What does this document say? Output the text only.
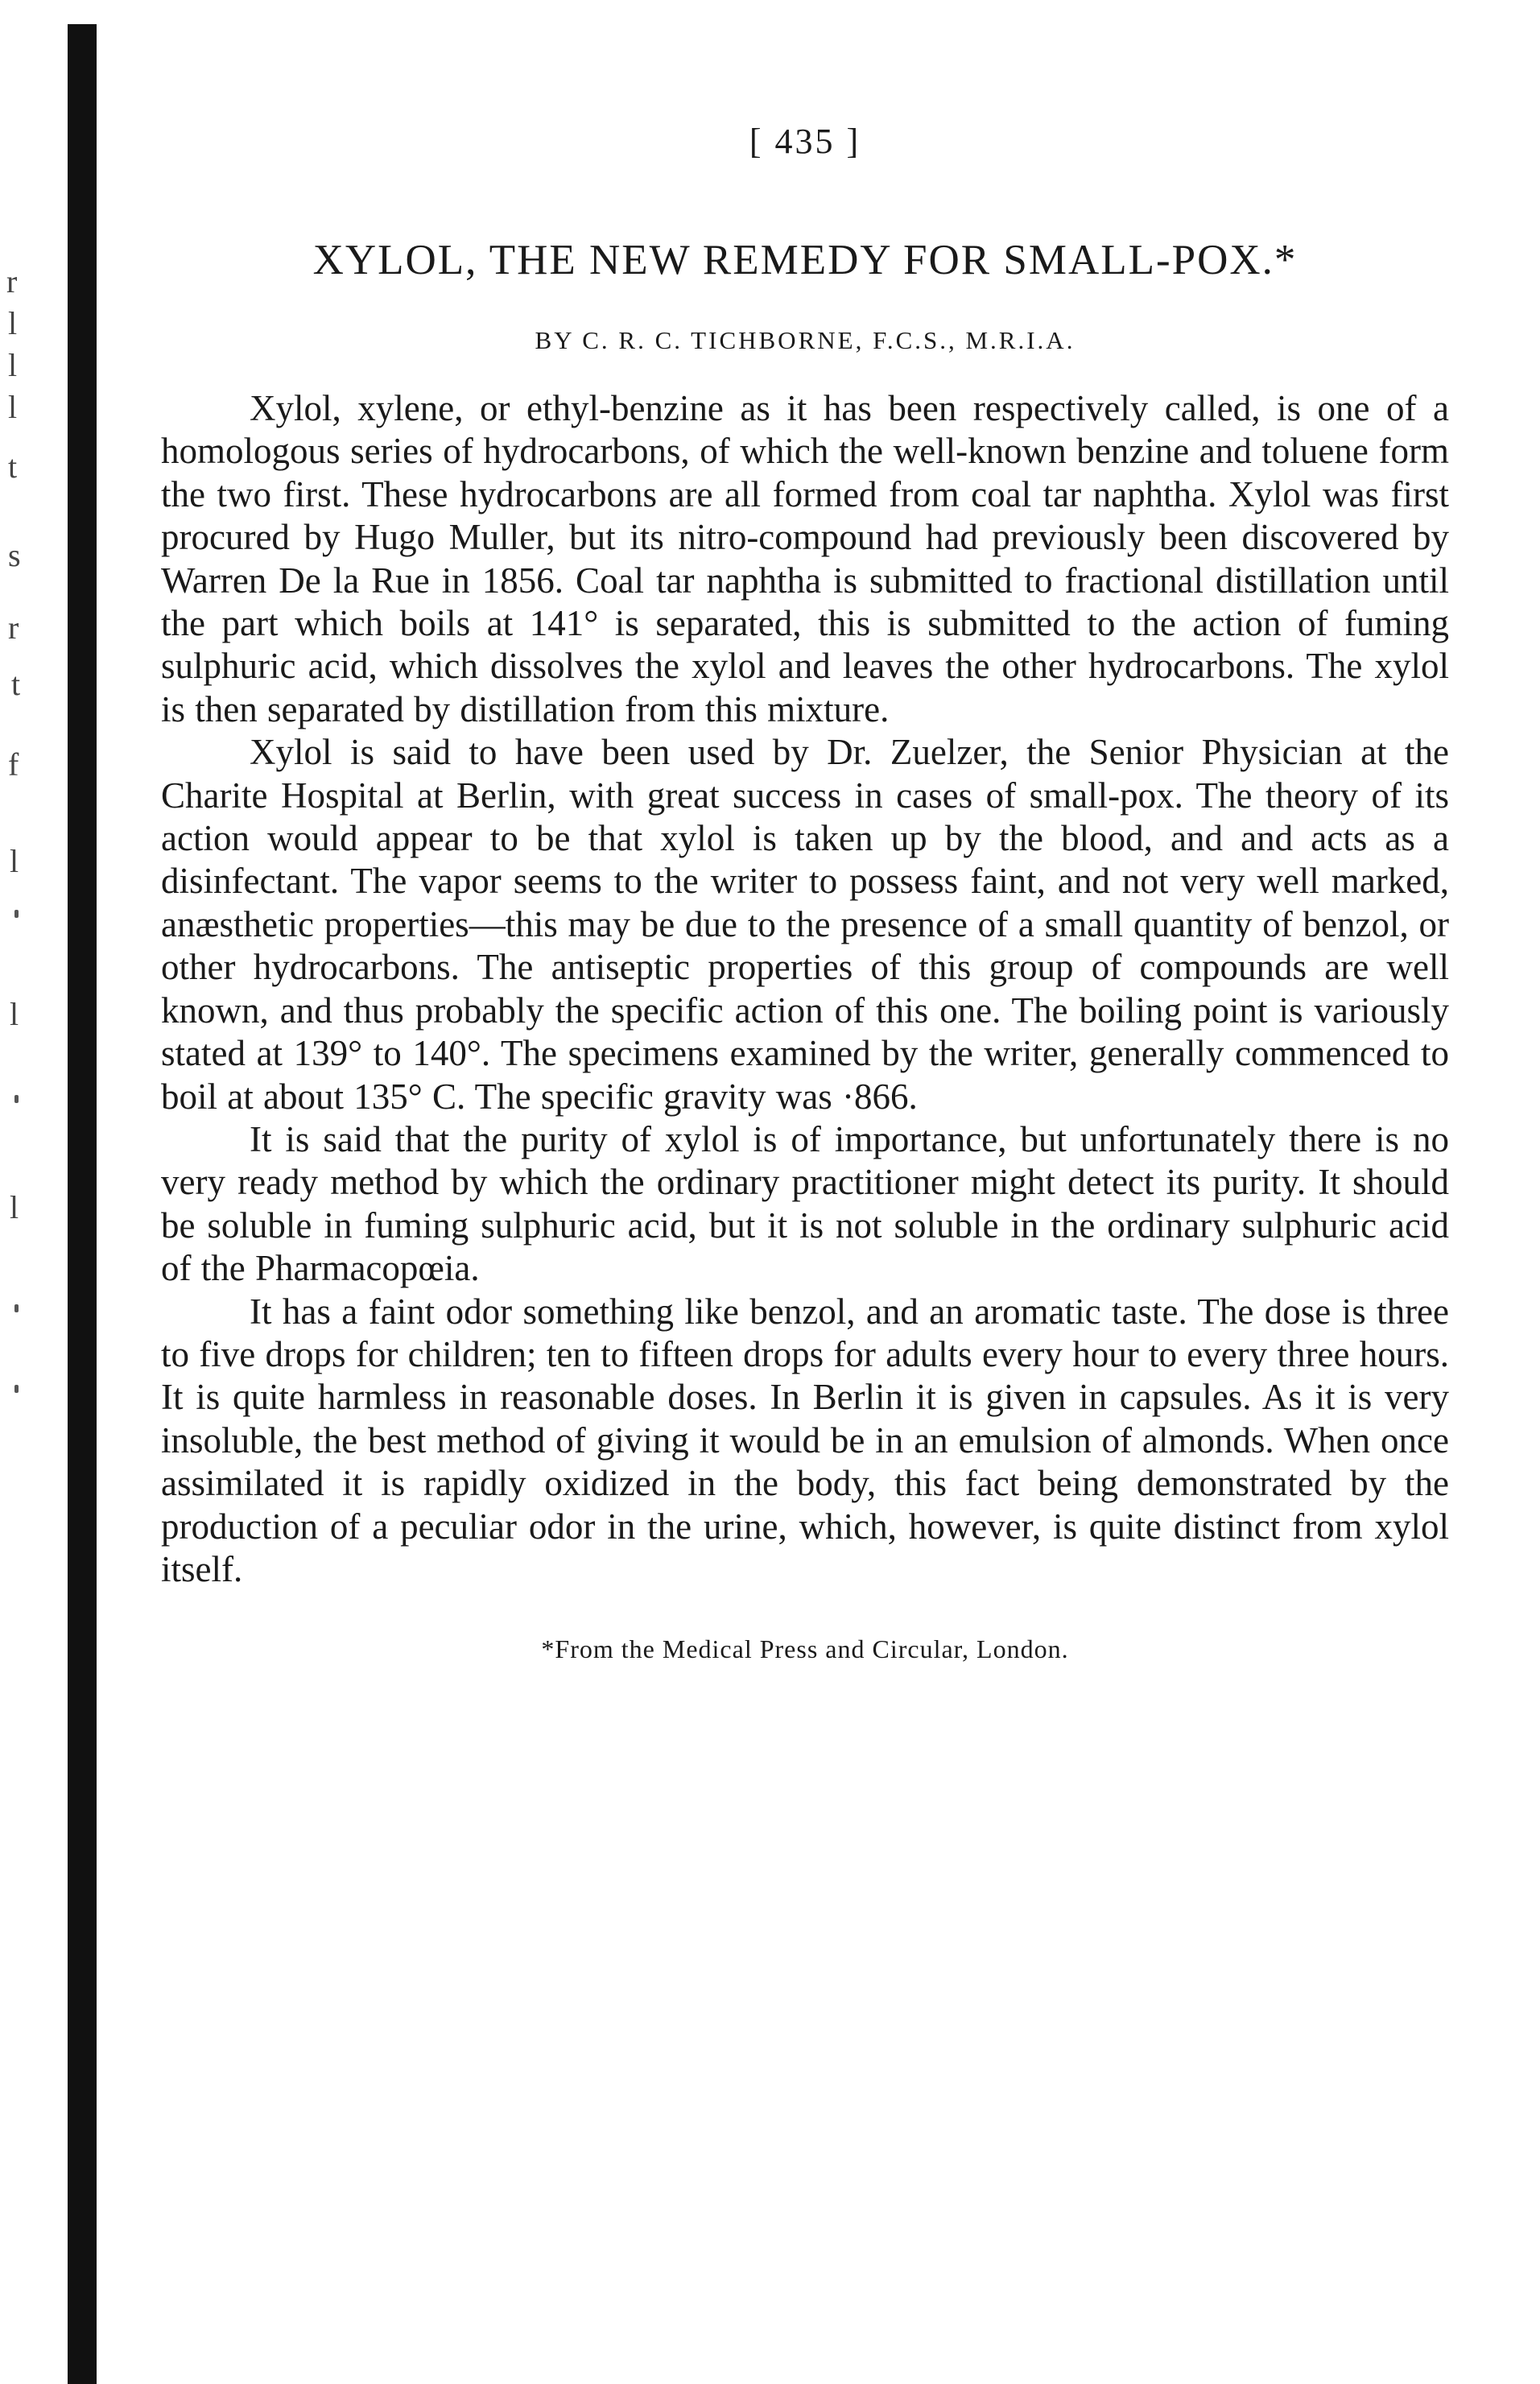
r
l
l
l
t
s
r
t
f
l
l
l
[ 435 ]
XYLOL, THE NEW REMEDY FOR SMALL-POX.*
BY C. R. C. TICHBORNE, F.C.S., M.R.I.A.

Xylol, xylene, or ethyl-benzine as it has been respectively called, is one of a homologous series of hydrocarbons, of which the well-known benzine and toluene form the two first. These hydrocarbons are all formed from coal tar naphtha. Xylol was first procured by Hugo Muller, but its nitro-compound had previously been discovered by Warren De la Rue in 1856. Coal tar naphtha is submitted to fractional distillation until the part which boils at 141° is separated, this is submitted to the action of fuming sulphuric acid, which dissolves the xylol and leaves the other hydrocarbons. The xylol is then separated by distillation from this mixture.

Xylol is said to have been used by Dr. Zuelzer, the Senior Physician at the Charite Hospital at Berlin, with great success in cases of small-pox. The theory of its action would appear to be that xylol is taken up by the blood, and and acts as a disinfectant. The vapor seems to the writer to possess faint, and not very well marked, anæsthetic properties—this may be due to the presence of a small quantity of benzol, or other hydrocarbons. The antiseptic properties of this group of compounds are well known, and thus probably the specific action of this one. The boiling point is variously stated at 139° to 140°. The specimens examined by the writer, generally commenced to boil at about 135° C. The specific gravity was ·866.

It is said that the purity of xylol is of importance, but unfortunately there is no very ready method by which the ordinary practitioner might detect its purity. It should be soluble in fuming sulphuric acid, but it is not soluble in the ordinary sulphuric acid of the Pharmacopœia.

It has a faint odor something like benzol, and an aromatic taste. The dose is three to five drops for children; ten to fifteen drops for adults every hour to every three hours. It is quite harmless in reasonable doses. In Berlin it is given in capsules. As it is very insoluble, the best method of giving it would be in an emulsion of almonds. When once assimilated it is rapidly oxidized in the body, this fact being demonstrated by the production of a peculiar odor in the urine, which, however, is quite distinct from xylol itself.

*From the Medical Press and Circular, London.
